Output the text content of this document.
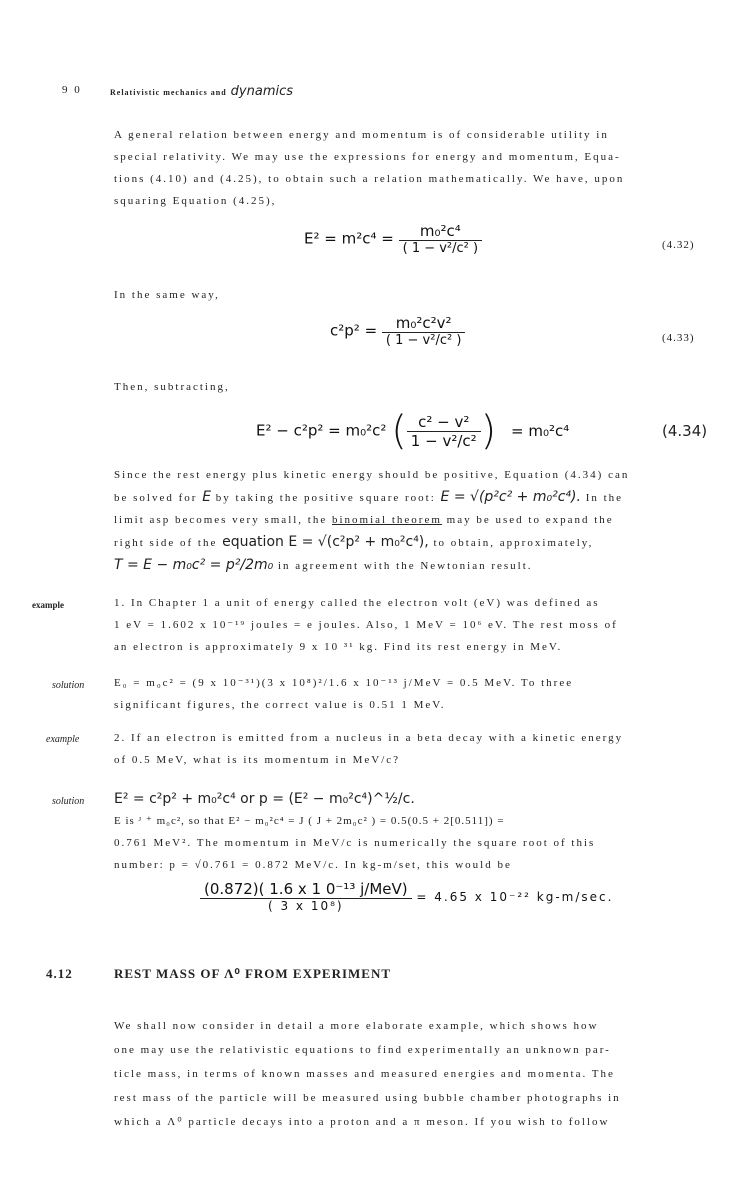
9 0	Relativistic mechanics and dynamics
A general relation between energy and momentum is of considerable utility in
special relativity. We may use the expressions for energy and momentum, Equa-
tions (4.10) and (4.25), to obtain such a relation mathematically. We have, upon
squaring Equation (4.25),
$E^2 = m^2c^4 = \frac{\text{m₀²c⁴}}{\text{( 1 − v²/c² )}}$	(4.32)
In the same way,
$c^2p^2 = \frac{\text{m₀²c²v²}}{\text{( 1 − v²/c² )}}$	(4.33)
Then, subtracting,
E² − c²p² = m₀²c² ( $\frac{\text{c² − v²}}{\text{1 − v²/c²}}$ ) = m₀²c⁴	(4.34)
Since the rest energy plus kinetic energy should be positive, Equation (4.34) can
be solved for E by taking the positive square root: E = √(p²c² + m₀²c⁴). In the
limit asp becomes very small, the binomial theorem may be used to expand the
right side of the equation E = √(c²p² + m₀²c⁴), to obtain, approximately,
T = E − m₀c² = p²/2m₀ in agreement with the Newtonian result.
example	1. In Chapter 1 a unit of energy called the electron volt (eV) was defined as
1 eV = 1.602 x 10⁻¹⁹ joules = e joules. Also, 1 MeV = 10⁶ eV. The rest moss of
an electron is approximately 9 x 10 ³¹ kg. Find its rest energy in MeV.
solution	E₀ = m₀c² = (9 x 10⁻³¹)(3 x 10⁸)²/1.6 x 10⁻¹³ j/MeV = 0.5 MeV. To three
significant figures, the correct value is 0.51 1 MeV.
example	2. If an electron is emitted from a nucleus in a beta decay with a kinetic energy
of 0.5 MeV, what is its momentum in MeV/c?
solution E² = c²p² + m₀²c⁴ or p = (E² − m₀²c⁴)^½/c.
E is ᴶ ⁺ m₀c², so that E² − m₀²c⁴ = J ( J + 2m₀c² ) = 0.5(0.5 + 2[0.511]) =
0.761 MeV². The momentum in MeV/c is numerically the square root of this
number: p = √0.761 = 0.872 MeV/c. In kg-m/set, this would be
$\frac{\text{(0.872)( 1.6 x 1 0⁻¹³ j/MeV)}}{\text{( 3 x 10⁸)}} = 4.65$ x 10⁻²² kg-m/sec.
4.12	REST MASS OF Λ⁰ FROM EXPERIMENT
We shall now consider in detail a more elaborate example, which shows how
one may use the relativistic equations to find experimentally an unknown par-
ticle mass, in terms of known masses and measured energies and momenta. The
rest mass of the particle will be measured using bubble chamber photographs in
which a Λ⁰ particle decays into a proton and a π meson. If you wish to follow
